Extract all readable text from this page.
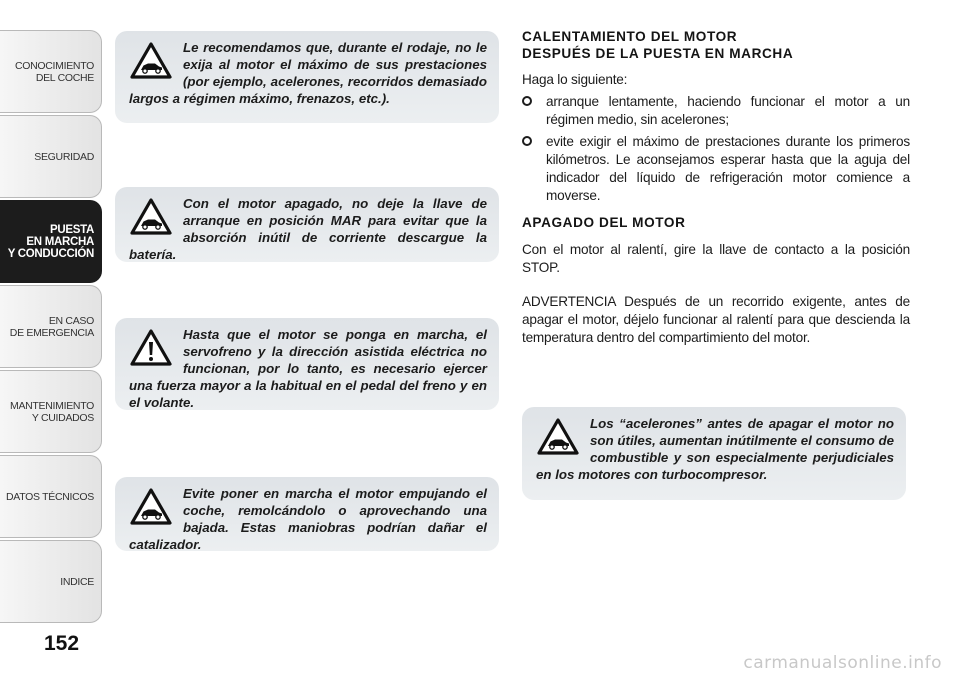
CONOCIMIENTO
DEL COCHE
SEGURIDAD
PUESTA
EN MARCHA
Y CONDUCCIÓN
EN CASO
DE EMERGENCIA
MANTENIMIENTO
Y CUIDADOS
DATOS TÉCNICOS
INDICE
152
Le recomendamos que, durante el rodaje, no le exija al motor el máximo de sus prestaciones (por ejemplo, acelerones, recorridos demasiado largos a régimen máximo, frenazos, etc.).
Con el motor apagado, no deje la llave de arranque en posición MAR para evitar que la absorción inútil de corriente descargue la batería.
Hasta que el motor se ponga en marcha, el servofreno y la dirección asistida eléctrica no funcionan, por lo tanto, es necesario ejercer una fuerza mayor a la habitual en el pedal del freno y en el volante.
Evite poner en marcha el motor empujando el coche, remolcándolo o aprovechando una bajada. Estas maniobras podrían dañar el catalizador.
CALENTAMIENTO DEL MOTOR
DESPUÉS DE LA PUESTA EN MARCHA

Haga lo siguiente:

arranque lentamente, haciendo funcionar el motor a un régimen medio, sin acelerones;
evite exigir el máximo de prestaciones durante los primeros kilómetros. Le aconsejamos esperar hasta que la aguja del indicador del líquido de refrigeración motor comience a moverse.
APAGADO DEL MOTOR

Con el motor al ralentí, gire la llave de contacto a la posición STOP.

ADVERTENCIA Después de un recorrido exigente, antes de apagar el motor, déjelo funcionar al ralentí para que descienda la temperatura dentro del compartimiento del motor.

Los “acelerones” antes de apagar el motor no son útiles, aumentan inútilmente el consumo de combustible y son especialmente perjudiciales en los motores con turbocompresor.
carmanualsonline.info
